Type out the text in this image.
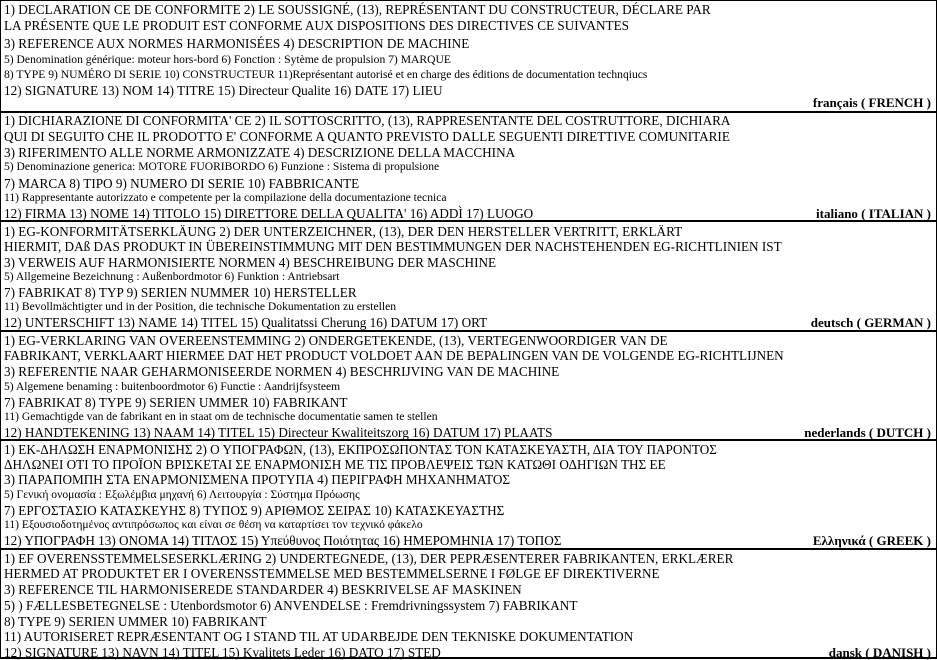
1) DECLARATION CE DE CONFORMITE 2) LE SOUSSIGNÉ, (13), REPRÉSENTANT DU CONSTRUCTEUR, DÉCLARE PAR
LA PRÉSENTE QUE LE PRODUIT EST CONFORME AUX DISPOSITIONS DES DIRECTIVES CE SUIVANTES
3) REFERENCE AUX NORMES HARMONISÉES 4) DESCRIPTION DE MACHINE
5) Denomination générique: moteur hors-bord 6) Fonction : Sytème de propulsion 7) MARQUE
8) TYPE 9) NUMÉRO DI SERIE 10) CONSTRUCTEUR 11)Représentant autorisé et en charge des éditions de documentation technqiucs
12) SIGNATURE 13) NOM 14) TITRE 15) Directeur Qualite 16) DATE 17) LIEU
français ( FRENCH )
1) DICHIARAZIONE DI CONFORMITA' CE 2) IL SOTTOSCRITTO, (13), RAPPRESENTANTE DEL COSTRUTTORE, DICHIARA
QUI DI SEGUITO CHE IL PRODOTTO E' CONFORME A QUANTO PREVISTO DALLE SEGUENTI DIRETTIVE COMUNITARIE
3) RIFERIMENTO ALLE NORME ARMONIZZATE 4) DESCRIZIONE DELLA MACCHINA
5) Denominazione generica: MOTORE FUORIBORDO 6) Funzione : Sistema di propulsione
7) MARCA 8) TIPO 9) NUMERO DI SERIE 10) FABBRICANTE
11) Rappresentante autorizzato e competente per la compilazione della documentazione tecnica
12) FIRMA 13) NOME 14) TITOLO 15) DIRETTORE DELLA QUALITA' 16) ADDÌ 17) LUOGO	italiano ( ITALIAN )
1) EG-KONFORMITÄTSERKLÄUNG 2) DER UNTERZEICHNER, (13), DER DEN HERSTELLER VERTRITT, ERKLÄRT
HIERMIT, DAß DAS PRODUKT IN ÜBEREINSTIMMUNG MIT DEN BESTIMMUNGEN DER NACHSTEHENDEN EG-RICHTLINIEN IST
3) VERWEIS AUF HARMONISIERTE NORMEN 4) BESCHREIBUNG DER MASCHINE
5) Allgemeine Bezeichnung : Außenbordmotor 6) Funktion : Antriebsart
7) FABRIKAT 8) TYP 9) SERIEN NUMMER 10) HERSTELLER
11) Bevollmächtigter und in der Position, die technische Dokumentation zu erstellen
12) UNTERSCHIFT 13) NAME 14) TITEL 15) Qualitatssi Cherung 16) DATUM 17) ORT	deutsch ( GERMAN )
1) EG-VERKLARING VAN OVEREENSTEMMING 2) ONDERGETEKENDE, (13), VERTEGENWOORDIGER VAN DE
FABRIKANT, VERKLAART HIERMEE DAT HET PRODUCT VOLDOET AAN DE BEPALINGEN VAN DE VOLGENDE EG-RICHTLIJNEN
3) REFERENTIE NAAR GEHARMONISEERDE NORMEN 4) BESCHRIJVING VAN DE MACHINE
5) Algemene benaming : buitenboordmotor 6) Functie : Aandrijfsysteem
7) FABRIKAT 8) TYPE 9) SERIEN UMMER 10) FABRIKANT
11) Gemachtigde van de fabrikant en in staat om de technische documentatie samen te stellen
12) HANDTEKENING 13) NAAM 14) TITEL 15) Directeur Kwaliteitszorg 16) DATUM 17) PLAATS	nederlands ( DUTCH )
1) ΕΚ-ΔΗΛΩΣΗ ΕΝΑΡΜΟΝΙΣΗΣ 2) Ο ΥΠΟΓΡΑΦΩΝ, (13), ΕΚΠΡΟΣΩΠΟΝΤΑΣ ΤΟΝ ΚΑΤΑΣΚΕΥΑΣΤΗ, ΔΙΑ ΤΟΥ ΠΑΡΟΝΤΟΣ
ΔΗΛΩΝΕΙ ΟΤΙ ΤΟ ΠΡΟΪΟΝ ΒΡΙΣΚΕΤΑΙ ΣΕ ΕΝΑΡΜΟΝΙΣΗ ΜΕ ΤΙΣ ΠΡΟΒΛΕΨΕΙΣ ΤΩΝ ΚΑΤΩΘΙ ΟΔΗΓΙΩΝ ΤΗΣ ΕΕ
3) ΠΑΡΑΠΟΜΠΗ ΣΤΑ ΕΝΑΡΜΟΝΙΣΜΕΝΑ ΠΡΟΤΥΠΑ 4) ΠΕΡΙΓΡΑΦΗ ΜΗΧΑΝΗΜΑΤΟΣ
5) Γενική ονομασία : Εξωλέμβια μηχανή 6) Λειτουργία : Σύστημα Πρόωσης
7) ΕΡΓΟΣΤΑΣΙΟ ΚΑΤΑΣΚΕΥΗΣ 8) ΤΥΠΟΣ 9) ΑΡΙΘΜΟΣ ΣΕΙΡΑΣ 10) ΚΑΤΑΣΚΕΥΑΣΤΗΣ
11) Εξουσιοδοτημένος αντιπρόσωπος και είναι σε θέση να καταρτίσει τον τεχνικό φάκελο
12) ΥΠΟΓΡΑΦΗ 13) ΟΝΟΜΑ 14) ΤΙΤΛΟΣ 15) Υπεύθυνος Ποιότητας 16) ΗΜΕΡΟΜΗΝΙΑ 17) ΤΟΠΟΣ	Ελληνικά ( GREEK )
1) EF OVERENSSTEMMELSESERKLÆRING 2) UNDERTEGNEDE, (13), DER PEPRÆSENTERER FABRIKANTEN, ERKLÆRER
HERMED AT PRODUKTET ER I OVERENSSTEMMELSE MED BESTEMMELSERNE I FØLGE EF DIREKTIVERNE
3) REFERENCE TIL HARMONISEREDE STANDARDER 4) BESKRIVELSE AF MASKINEN
5) ) FÆLLESBETEGNELSE : Utenbordsmotor 6) ANVENDELSE : Fremdrivningssystem 7) FABRIKANT
8) TYPE 9) SERIEN UMMER 10) FABRIKANT
11) AUTORISERET REPRÆSENTANT OG I STAND TIL AT UDARBEJDE DEN TEKNISKE DOKUMENTATION
12) SIGNATURE 13) NAVN 14) TITEL 15) Kvalitets Leder 16) DATO 17) STED	dansk ( DANISH )
